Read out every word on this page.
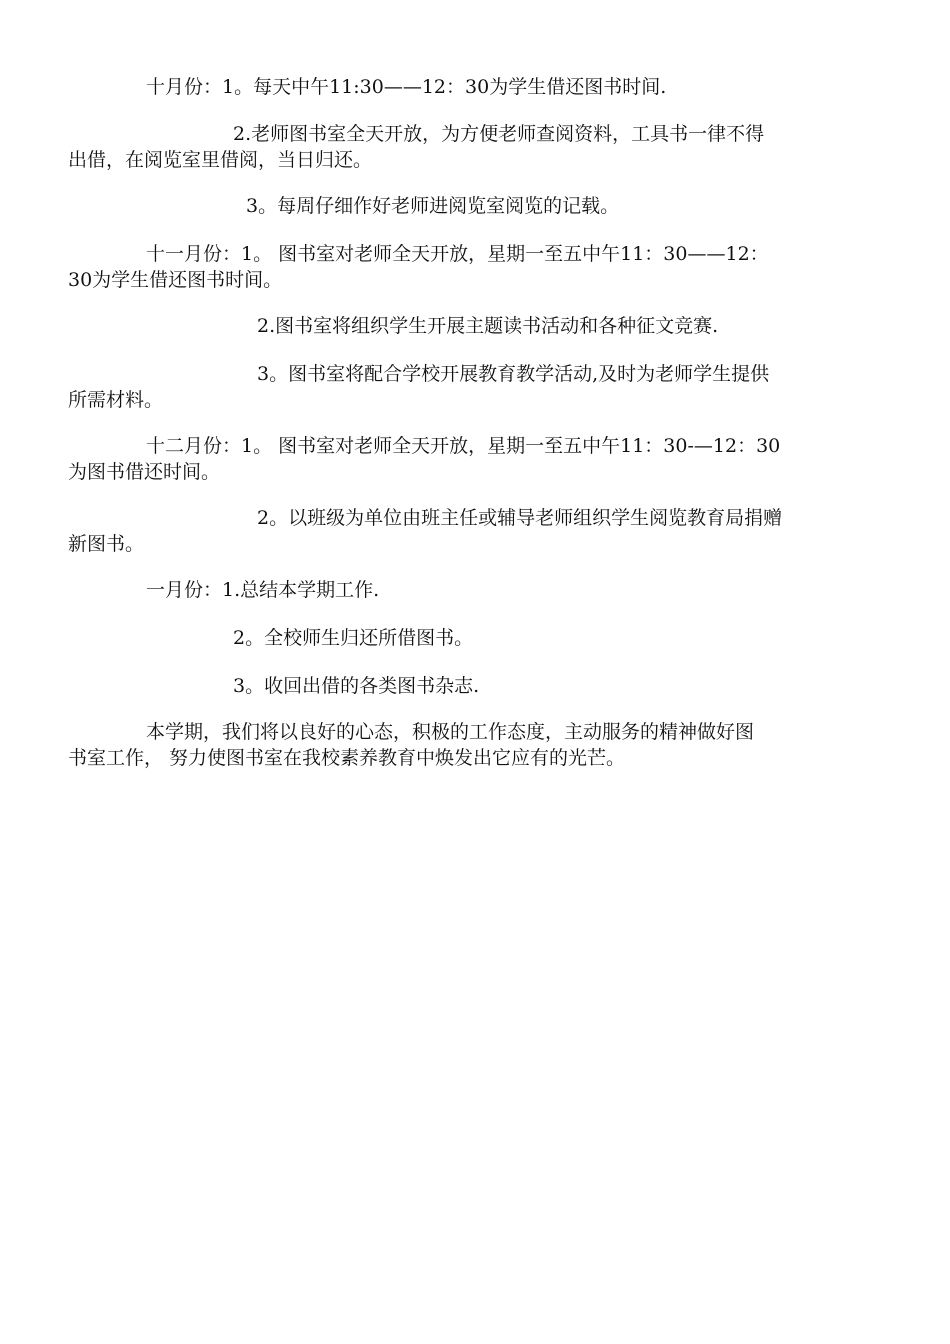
十月份：1。每天中午11:30——12：30为学生借还图书时间.
2.老师图书室全天开放，为方便老师查阅资料，工具书一律不得
出借，在阅览室里借阅，当日归还。
3。每周仔细作好老师进阅览室阅览的记载。
十一月份：1。 图书室对老师全天开放，星期一至五中午11：30——12：
30为学生借还图书时间。
2.图书室将组织学生开展主题读书活动和各种征文竞赛.
3。图书室将配合学校开展教育教学活动,及时为老师学生提供
所需材料。
十二月份：1。 图书室对老师全天开放，星期一至五中午11：30-—12：30
为图书借还时间。
2。以班级为单位由班主任或辅导老师组织学生阅览教育局捐赠
新图书。
一月份：1.总结本学期工作.
2。全校师生归还所借图书。
3。收回出借的各类图书杂志.
本学期，我们将以良好的心态，积极的工作态度，主动服务的精神做好图
书室工作， 努力使图书室在我校素养教育中焕发出它应有的光芒。
